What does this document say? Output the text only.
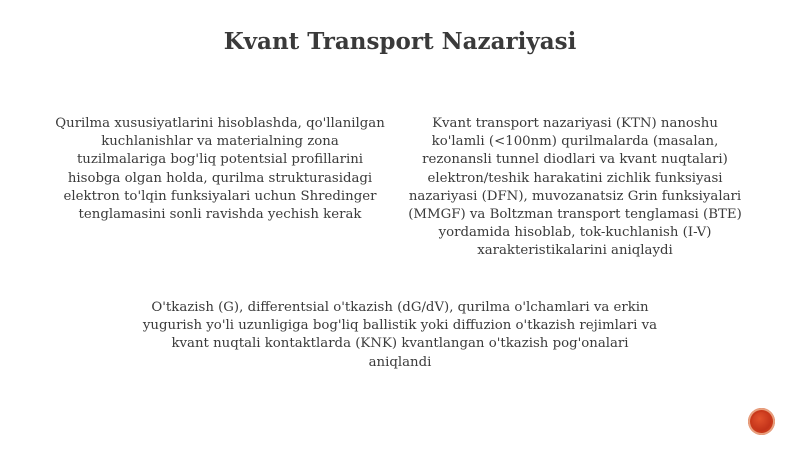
Kvant Transport Nazariyasi

Qurilma xususiyatlarini hisoblashda, qo'llanilgan kuchlanishlar va materialning zona tuzilmalariga bog'liq potentsial profillarini hisobga olgan holda, qurilma strukturasidagi elektron to'lqin funksiyalari uchun Shredinger tenglamasini sonli ravishda yechish kerak

Kvant transport nazariyasi (KTN) nanoshu ko'lamli (<100nm) qurilmalarda (masalan, rezonansli tunnel diodlari va kvant nuqtalari) elektron/teshik harakatini zichlik funksiyasi nazariyasi (DFN), muvozanatsiz Grin funksiyalari (MMGF) va Boltzman transport tenglamasi (BTE) yordamida hisoblab, tok-kuchlanish (I-V) xarakteristikalarini aniqlaydi

O'tkazish (G), differentsial o'tkazish (dG/dV), qurilma o'lchamlari va erkin yugurish yo'li uzunligiga bog'liq ballistik yoki diffuzion o'tkazish rejimlari va kvant nuqtali kontaktlarda (KNK) kvantlangan o'tkazish pog'onalari aniqlandi
